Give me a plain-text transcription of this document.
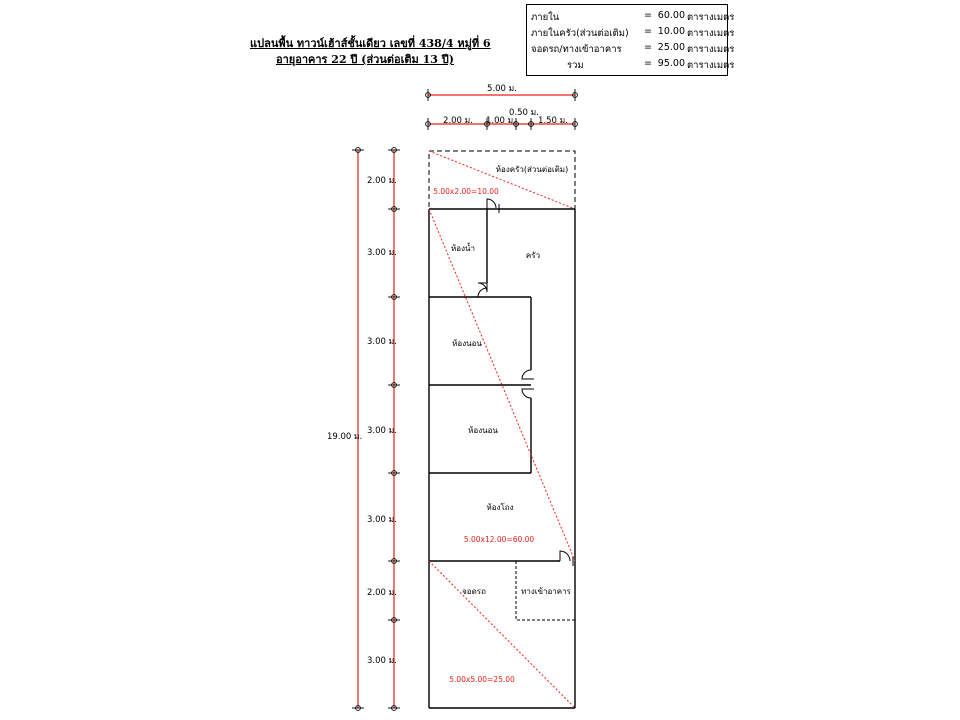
แปลนพื้น ทาวน์เฮ้าส์ชั้นเดียว เลขที่ 438/4 หมู่ที่ 6
อายุอาคาร 22 ปี (ส่วนต่อเติม 13 ปี)
ภายใน	= 60.00 ตารางเมตร
ภายในครัว(ส่วนต่อเติม) = 10.00 ตารางเมตร
จอดรถ/ทางเข้าอาคาร = 25.00 ตารางเมตร
รวม	= 95.00 ตารางเมตร
5.00 ม.
0.50 ม.
2.00 ม. 1.00 ม.	1.50 ม.
19.00 ม.
2.00 ม.
3.00 ม.
3.00 ม.
3.00 ม.
3.00 ม.
2.00 ม.
3.00 ม.
ห้องครัว(ส่วนต่อเติม)
ครัว
ห้องน้ำ
ห้องนอน
ห้องนอน
ห้องโถง
จอดรถ	ทางเข้าอาคาร
5.00x2.00=10.00
5.00x12.00=60.00
5.00x5.00=25.00
